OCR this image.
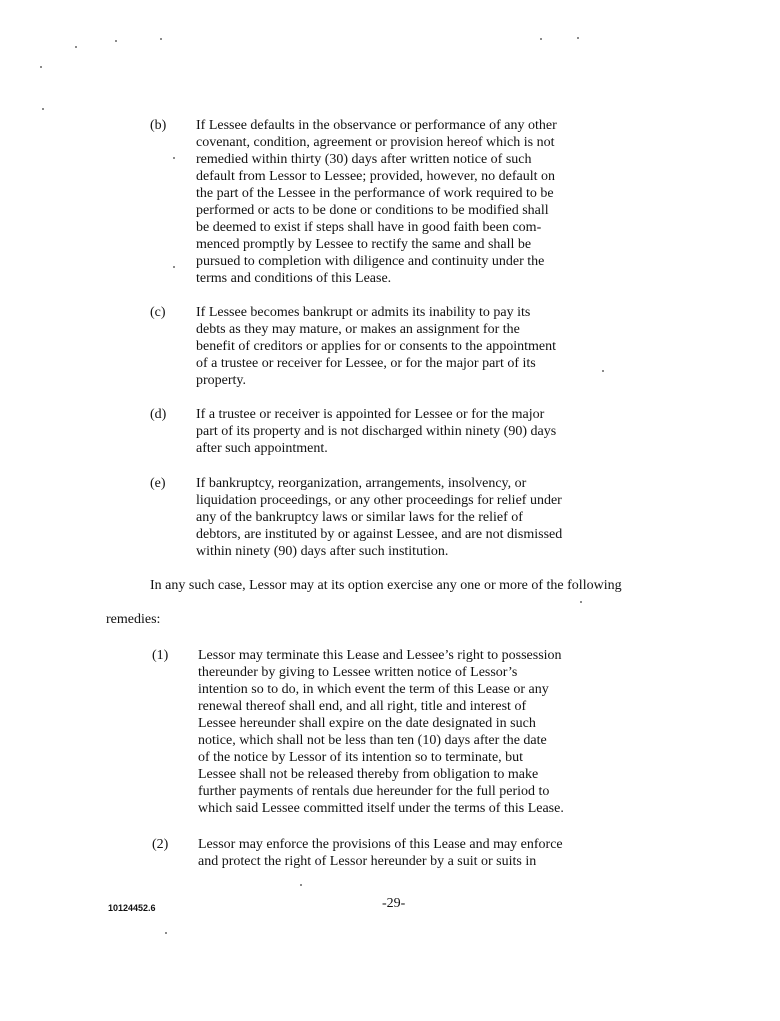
(b) If Lessee defaults in the observance or performance of any other
covenant, condition, agreement or provision hereof which is not
remedied within thirty (30) days after written notice of such
default from Lessor to Lessee; provided, however, no default on
the part of the Lessee in the performance of work required to be
performed or acts to be done or conditions to be modified shall
be deemed to exist if steps shall have in good faith been com-
menced promptly by Lessee to rectify the same and shall be
pursued to completion with diligence and continuity under the
terms and conditions of this Lease.
(c) If Lessee becomes bankrupt or admits its inability to pay its
debts as they may mature, or makes an assignment for the
benefit of creditors or applies for or consents to the appointment
of a trustee or receiver for Lessee, or for the major part of its
property.
(d) If a trustee or receiver is appointed for Lessee or for the major
part of its property and is not discharged within ninety (90) days
after such appointment.
(e) If bankruptcy, reorganization, arrangements, insolvency, or
liquidation proceedings, or any other proceedings for relief under
any of the bankruptcy laws or similar laws for the relief of
debtors, are instituted by or against Lessee, and are not dismissed
within ninety (90) days after such institution.
In any such case, Lessor may at its option exercise any one or more of the following
remedies:
(1) Lessor may terminate this Lease and Lessee’s right to possession
thereunder by giving to Lessee written notice of Lessor’s
intention so to do, in which event the term of this Lease or any
renewal thereof shall end, and all right, title and interest of
Lessee hereunder shall expire on the date designated in such
notice, which shall not be less than ten (10) days after the date
of the notice by Lessor of its intention so to terminate, but
Lessee shall not be released thereby from obligation to make
further payments of rentals due hereunder for the full period to
which said Lessee committed itself under the terms of this Lease.
(2) Lessor may enforce the provisions of this Lease and may enforce
and protect the right of Lessor hereunder by a suit or suits in
10124452.6	-29-
